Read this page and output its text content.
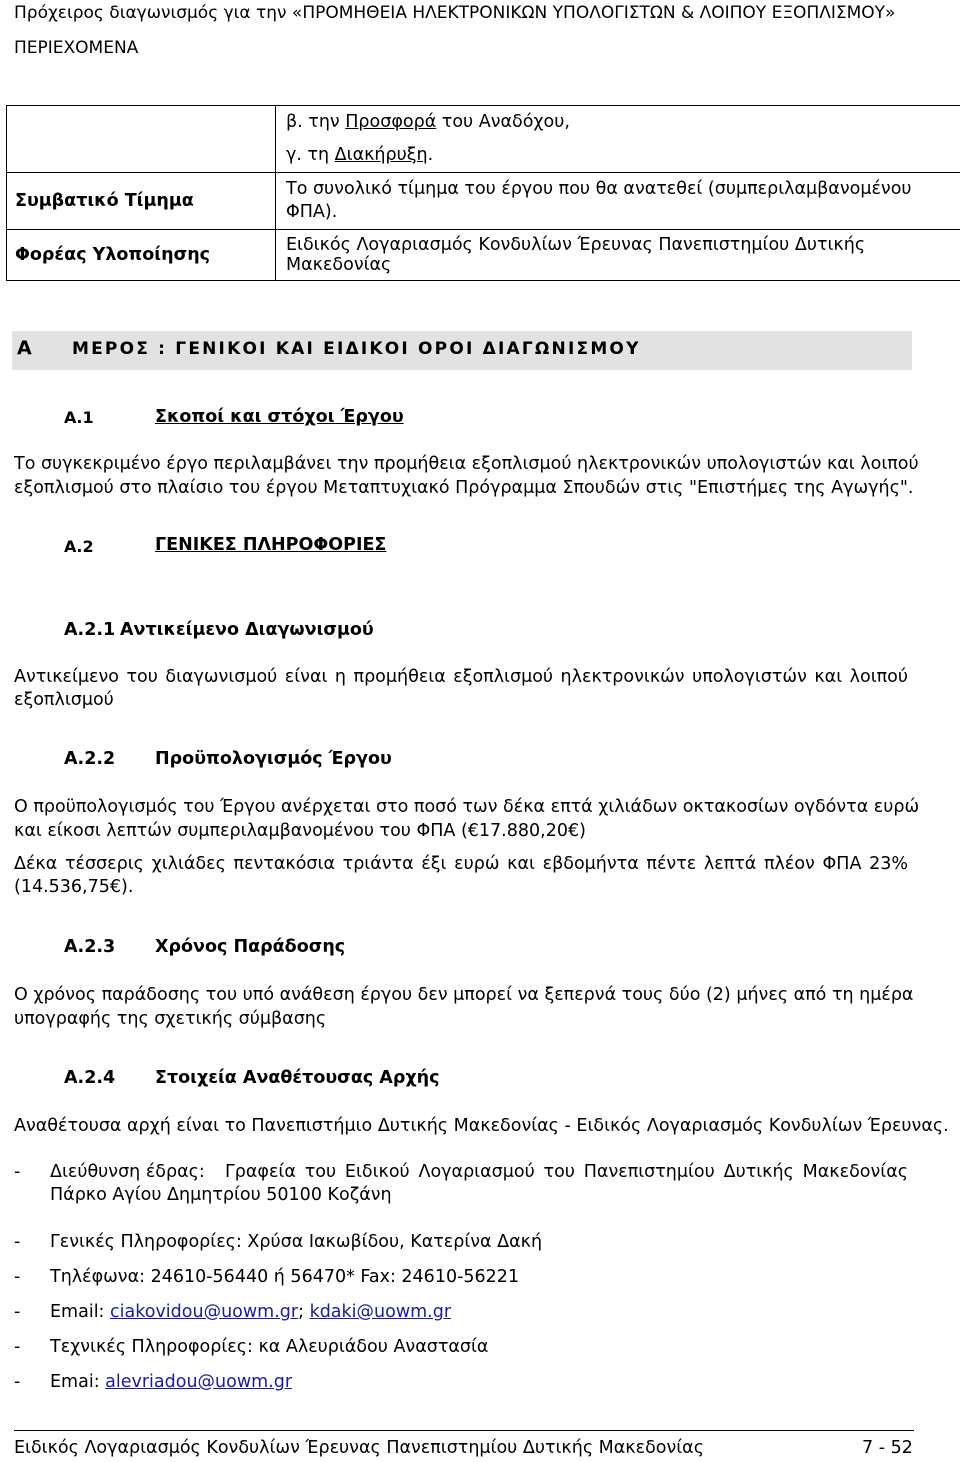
Πρόχειρος διαγωνισμός για την «ΠΡΟΜΗΘΕΙΑ ΗΛΕΚΤΡΟΝΙΚΩΝ ΥΠΟΛΟΓΙΣΤΩΝ & ΛΟΙΠΟΥ ΕΞΟΠΛΙΣΜΟΥ»
ΠΕΡΙΕΧΟΜΕΝΑ

	β. την Προσφορά του Αναδόχου,
γ. τη Διακήρυξη.

Συμβατικό Τίμημα	Το συνολικό τίμημα του έργου που θα ανατεθεί (συμπεριλαμβανομένου
ΦΠΑ).

Φορέας Υλοποίησης	Ειδικός Λογαριασμός Κονδυλίων Έρευνας Πανεπιστημίου Δυτικής Μακεδονίας
Α ΜΕΡΟΣ : ΓΕΝΙΚΟΙ ΚΑΙ ΕΙΔΙΚΟΙ ΟΡΟΙ ΔΙΑΓΩΝΙΣΜΟΥ
Α.1	Σκοποί και στόχοι Έργου
Το συγκεκριμένο έργο περιλαμβάνει την προμήθεια εξοπλισμού ηλεκτρονικών υπολογιστών και λοιπού
εξοπλισμού στο πλαίσιο του έργου Μεταπτυχιακό Πρόγραμμα Σπουδών στις "Επιστήμες της Αγωγής".
Α.2	ΓΕΝΙΚΕΣ ΠΛΗΡΟΦΟΡΙΕΣ
Α.2.1 Αντικείμενο Διαγωνισμού
Αντικείμενο του διαγωνισμού είναι η προμήθεια εξοπλισμού ηλεκτρονικών υπολογιστών και λοιπού
εξοπλισμού
Α.2.2 Προϋπολογισμός Έργου
Ο προϋπολογισμός του Έργου ανέρχεται στο ποσό των δέκα επτά χιλιάδων οκτακοσίων ογδόντα ευρώ
και είκοσι λεπτών συμπεριλαμβανομένου του ΦΠΑ (€17.880,20€)
Δέκα τέσσερις χιλιάδες πεντακόσια τριάντα έξι ευρώ και εβδομήντα πέντε λεπτά πλέον ΦΠΑ 23%
(14.536,75€).
Α.2.3 Χρόνος Παράδοσης
Ο χρόνος παράδοσης του υπό ανάθεση έργου δεν μπορεί να ξεπερνά τους δύο (2) μήνες από τη ημέρα
υπογραφής της σχετικής σύμβασης
Α.2.4 Στοιχεία Αναθέτουσας Αρχής
Αναθέτουσα αρχή είναι το Πανεπιστήμιο Δυτικής Μακεδονίας - Ειδικός Λογαριασμός Κονδυλίων Έρευνας.
- Διεύθυνση έδρας: Γραφεία του Ειδικού Λογαριασμού του Πανεπιστημίου Δυτικής Μακεδονίας
Πάρκο Αγίου Δημητρίου 50100 Κοζάνη
- Γενικές Πληροφορίες: Χρύσα Ιακωβίδου, Κατερίνα Δακή
- Τηλέφωνα: 24610-56440 ή 56470* Fax: 24610-56221
- Email: ciakovidou@uowm.gr; kdaki@uowm.gr
- Τεχνικές Πληροφορίες: κα Αλευριάδου Αναστασία
- Emai: alevriadou@uowm.gr
Ειδικός Λογαριασμός Κονδυλίων Έρευνας Πανεπιστημίου Δυτικής Μακεδονίας	7 - 52
